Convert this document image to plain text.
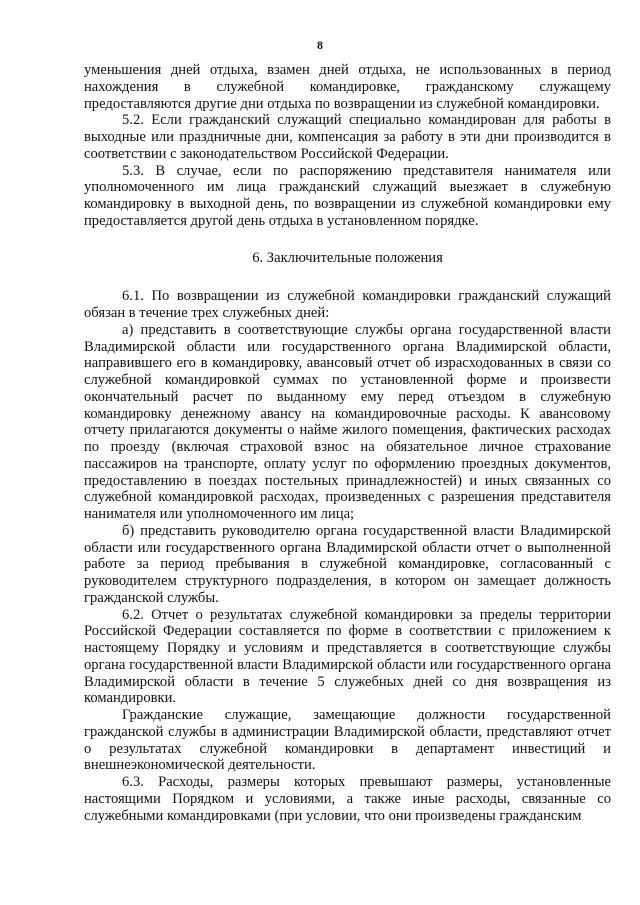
8

уменьшения дней отдыха, взамен дней отдыха, не использованных в период нахождения в служебной командировке, гражданскому служащему предоставляются другие дни отдыха по возвращении из служебной командировки.

5.2. Если гражданский служащий специально командирован для работы в выходные или праздничные дни, компенсация за работу в эти дни производится в соответствии с законодательством Российской Федерации.

5.3. В случае, если по распоряжению представителя нанимателя или уполномоченного им лица гражданский служащий выезжает в служебную командировку в выходной день, по возвращении из служебной командировки ему предоставляется другой день отдыха в установленном порядке.

6. Заключительные положения

6.1. По возвращении из служебной командировки гражданский служащий обязан в течение трех служебных дней:

а) представить в соответствующие службы органа государственной власти Владимирской области или государственного органа Владимирской области, направившего его в командировку, авансовый отчет об израсходованных в связи со служебной командировкой суммах по установленной форме и произвести окончательный расчет по выданному ему перед отъездом в служебную командировку денежному авансу на командировочные расходы. К авансовому отчету прилагаются документы о найме жилого помещения, фактических расходах по проезду (включая страховой взнос на обязательное личное страхование пассажиров на транспорте, оплату услуг по оформлению проездных документов, предоставлению в поездах постельных принадлежностей) и иных связанных со служебной командировкой расходах, произведенных с разрешения представителя нанимателя или уполномоченного им лица;

б) представить руководителю органа государственной власти Владимирской области или государственного органа Владимирской области отчет о выполненной работе за период пребывания в служебной командировке, согласованный с руководителем структурного подразделения, в котором он замещает должность гражданской службы.

6.2. Отчет о результатах служебной командировки за пределы территории Российской Федерации составляется по форме в соответствии с приложением к настоящему Порядку и условиям и представляется в соответствующие службы органа государственной власти Владимирской области или государственного органа Владимирской области в течение 5 служебных дней со дня возвращения из командировки.

Гражданские служащие, замещающие должности государственной гражданской службы в администрации Владимирской области, представляют отчет о результатах служебной командировки в департамент инвестиций и внешнеэкономической деятельности.

6.3. Расходы, размеры которых превышают размеры, установленные настоящими Порядком и условиями, а также иные расходы, связанные со служебными командировками (при условии, что они произведены гражданским
